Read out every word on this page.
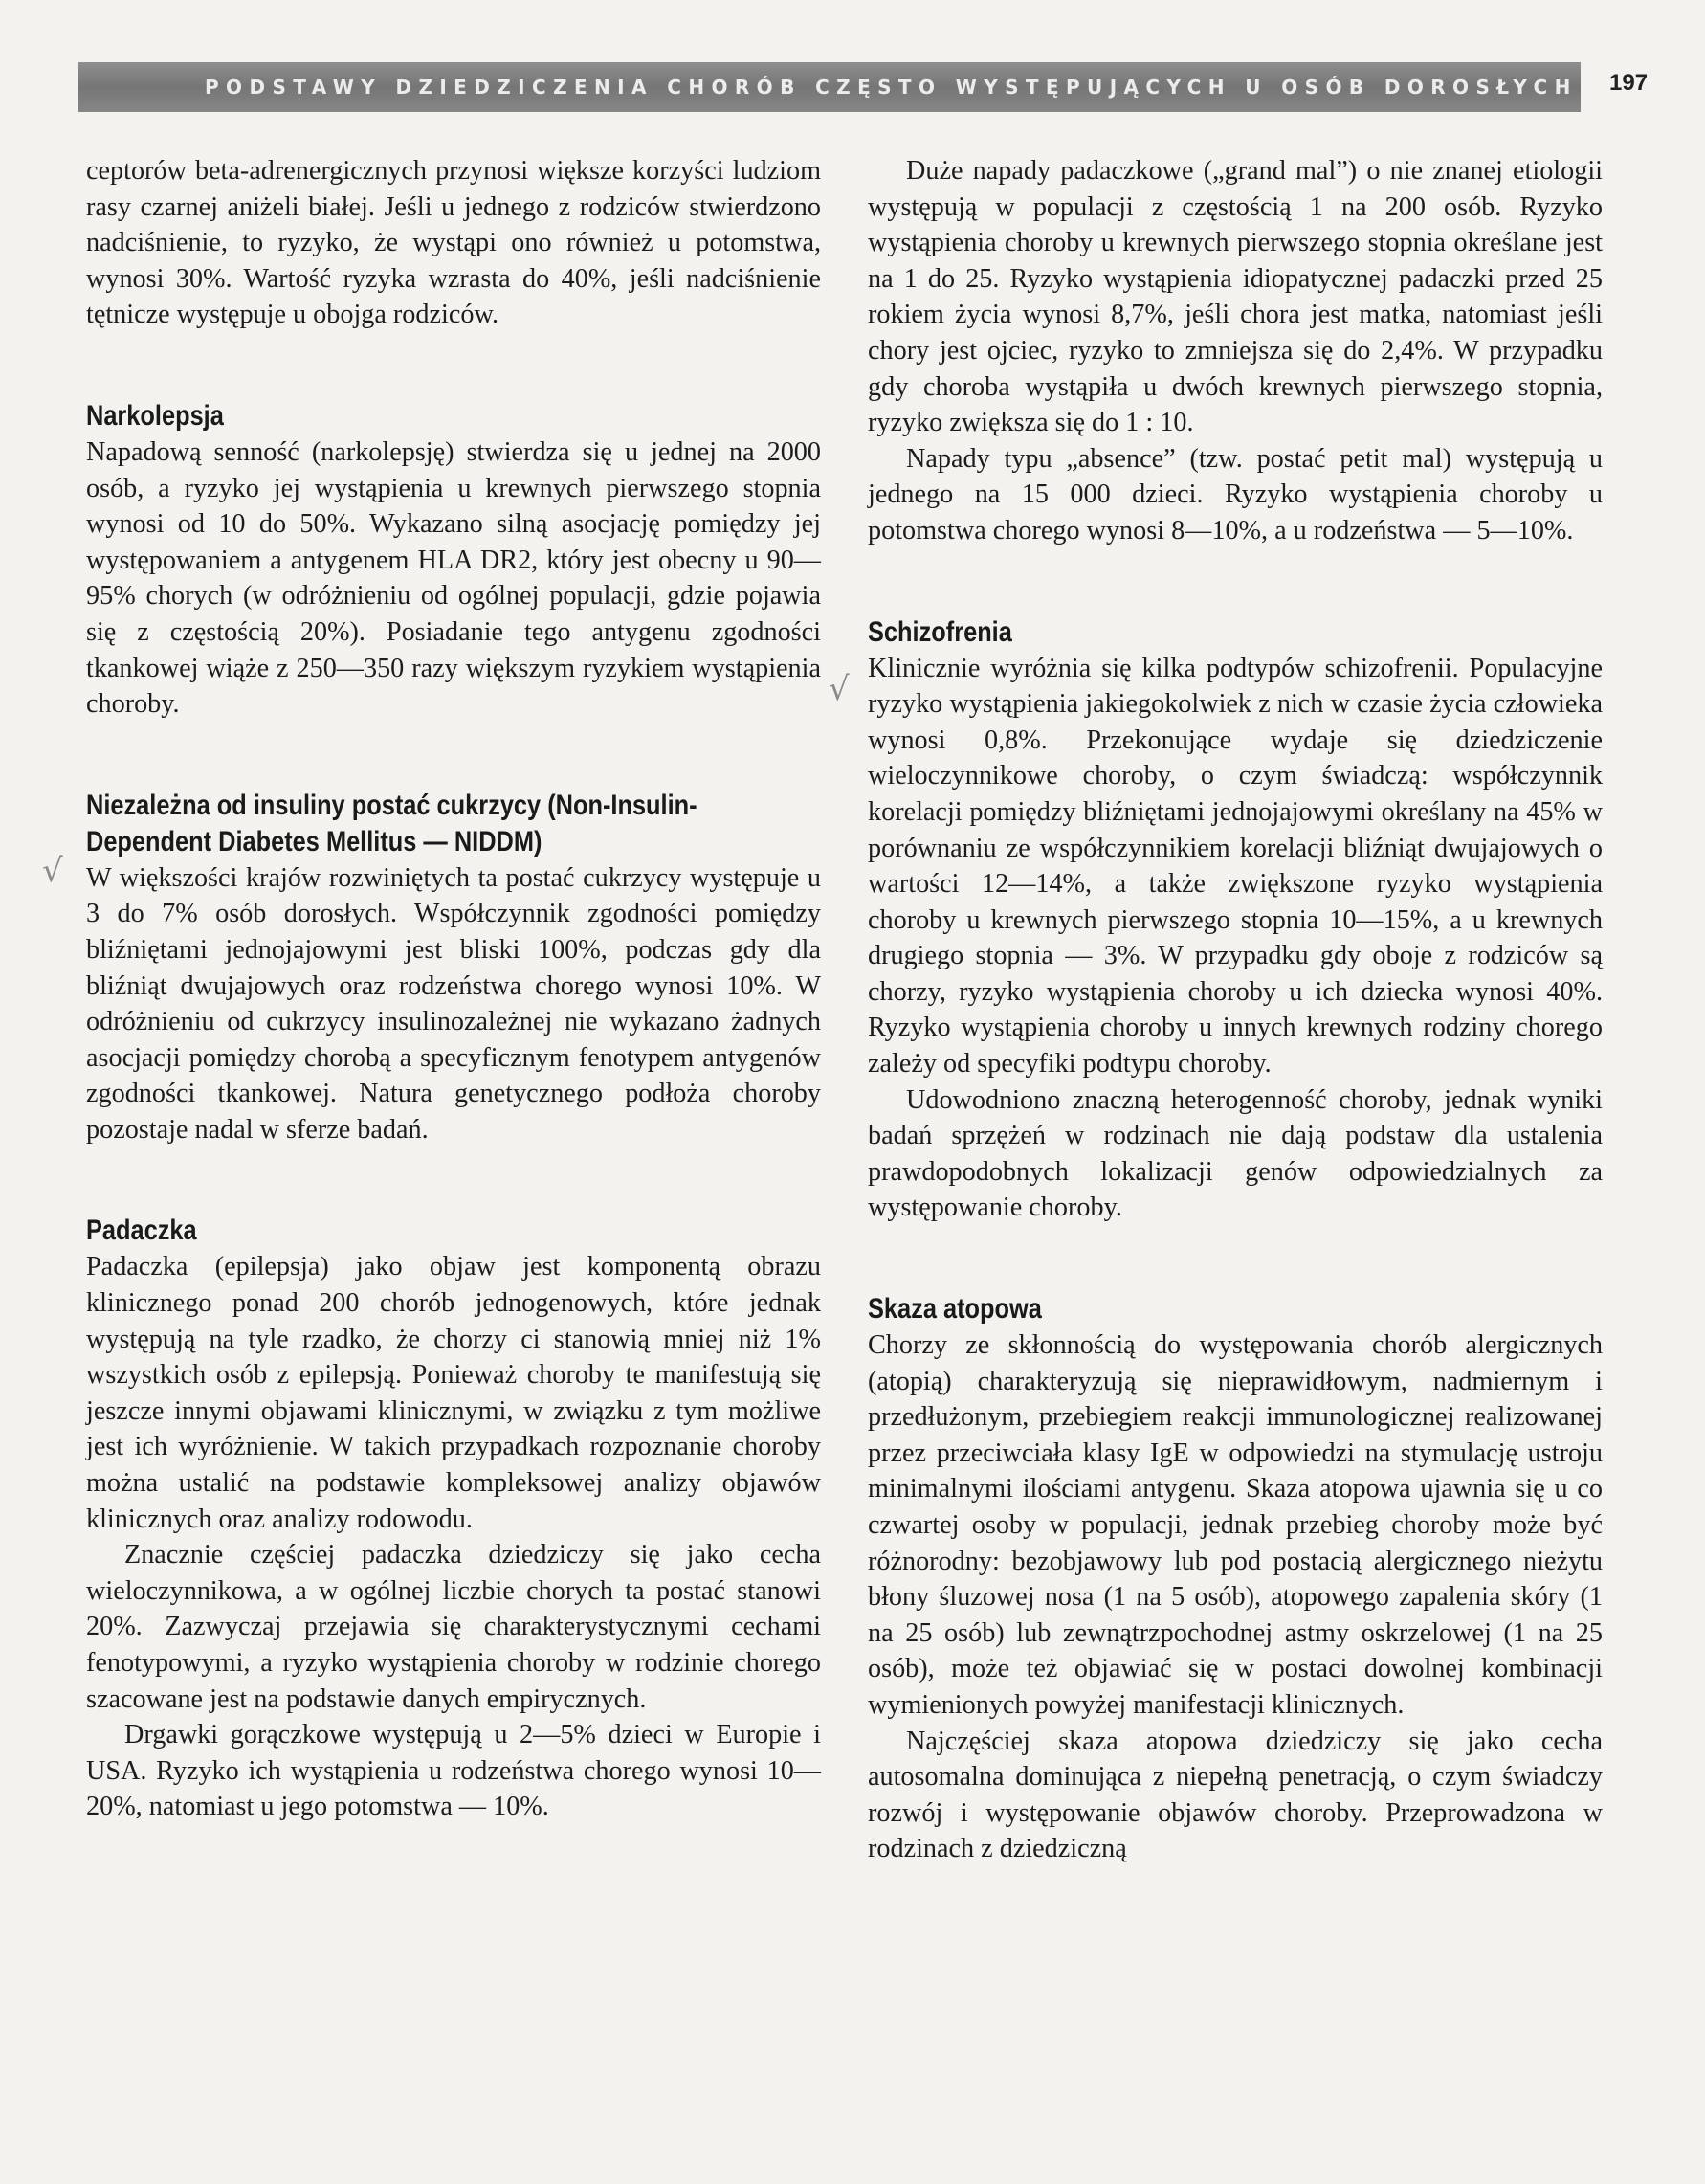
PODSTAWY DZIEDZICZENIA CHORÓB CZĘSTO WYSTĘPUJĄCYCH U OSÓB DOROSŁYCH 197

ceptorów beta-adrenergicznych przynosi większe korzyści ludziom rasy czarnej aniżeli białej. Jeśli u jednego z rodziców stwierdzono nadciśnienie, to ryzyko, że wystąpi ono również u potomstwa, wynosi 30%. Wartość ryzyka wzrasta do 40%, jeśli nadciśnienie tętnicze występuje u obojga rodziców.

Narkolepsja

Napadową senność (narkolepsję) stwierdza się u jednej na 2000 osób, a ryzyko jej wystąpienia u krewnych pierwszego stopnia wynosi od 10 do 50%. Wykazano silną asocjację pomiędzy jej występowaniem a antygenem HLA DR2, który jest obecny u 90—95% chorych (w odróżnieniu od ogólnej populacji, gdzie pojawia się z częstością 20%). Posiadanie tego antygenu zgodności tkankowej wiąże z 250—350 razy większym ryzykiem wystąpienia choroby.

Niezależna od insuliny postać cukrzycy (Non-Insulin-Dependent Diabetes Mellitus — NIDDM)

W większości krajów rozwiniętych ta postać cukrzycy występuje u 3 do 7% osób dorosłych. Współczynnik zgodności pomiędzy bliźniętami jednojajowymi jest bliski 100%, podczas gdy dla bliźniąt dwujajowych oraz rodzeństwa chorego wynosi 10%. W odróżnieniu od cukrzycy insulinozależnej nie wykazano żadnych asocjacji pomiędzy chorobą a specyficznym fenotypem antygenów zgodności tkankowej. Natura genetycznego podłoża choroby pozostaje nadal w sferze badań.

Padaczka

Padaczka (epilepsja) jako objaw jest komponentą obrazu klinicznego ponad 200 chorób jednogenowych, które jednak występują na tyle rzadko, że chorzy ci stanowią mniej niż 1% wszystkich osób z epilepsją. Ponieważ choroby te manifestują się jeszcze innymi objawami klinicznymi, w związku z tym możliwe jest ich wyróżnienie. W takich przypadkach rozpoznanie choroby można ustalić na podstawie kompleksowej analizy objawów klinicznych oraz analizy rodowodu.

Znacznie częściej padaczka dziedziczy się jako cecha wieloczynnikowa, a w ogólnej liczbie chorych ta postać stanowi 20%. Zazwyczaj przejawia się charakterystycznymi cechami fenotypowymi, a ryzyko wystąpienia choroby w rodzinie chorego szacowane jest na podstawie danych empirycznych.

Drgawki gorączkowe występują u 2—5% dzieci w Europie i USA. Ryzyko ich wystąpienia u rodzeństwa chorego wynosi 10—20%, natomiast u jego potomstwa — 10%.

Duże napady padaczkowe („grand mal”) o nie znanej etiologii występują w populacji z częstością 1 na 200 osób. Ryzyko wystąpienia choroby u krewnych pierwszego stopnia określane jest na 1 do 25. Ryzyko wystąpienia idiopatycznej padaczki przed 25 rokiem życia wynosi 8,7%, jeśli chora jest matka, natomiast jeśli chory jest ojciec, ryzyko to zmniejsza się do 2,4%. W przypadku gdy choroba wystąpiła u dwóch krewnych pierwszego stopnia, ryzyko zwiększa się do 1 : 10.

Napady typu „absence” (tzw. postać petit mal) występują u jednego na 15 000 dzieci. Ryzyko wystąpienia choroby u potomstwa chorego wynosi 8—10%, a u rodzeństwa — 5—10%.

Schizofrenia

Klinicznie wyróżnia się kilka podtypów schizofrenii. Populacyjne ryzyko wystąpienia jakiegokolwiek z nich w czasie życia człowieka wynosi 0,8%. Przekonujące wydaje się dziedziczenie wieloczynnikowe choroby, o czym świadczą: współczynnik korelacji pomiędzy bliźniętami jednojajowymi określany na 45% w porównaniu ze współczynnikiem korelacji bliźniąt dwujajowych o wartości 12—14%, a także zwiększone ryzyko wystąpienia choroby u krewnych pierwszego stopnia 10—15%, a u krewnych drugiego stopnia — 3%. W przypadku gdy oboje z rodziców są chorzy, ryzyko wystąpienia choroby u ich dziecka wynosi 40%. Ryzyko wystąpienia choroby u innych krewnych rodziny chorego zależy od specyfiki podtypu choroby.

Udowodniono znaczną heterogenność choroby, jednak wyniki badań sprzężeń w rodzinach nie dają podstaw dla ustalenia prawdopodobnych lokalizacji genów odpowiedzialnych za występowanie choroby.

Skaza atopowa

Chorzy ze skłonnością do występowania chorób alergicznych (atopią) charakteryzują się nieprawidłowym, nadmiernym i przedłużonym, przebiegiem reakcji immunologicznej realizowanej przez przeciwciała klasy IgE w odpowiedzi na stymulację ustroju minimalnymi ilościami antygenu. Skaza atopowa ujawnia się u co czwartej osoby w populacji, jednak przebieg choroby może być różnorodny: bezobjawowy lub pod postacią alergicznego nieżytu błony śluzowej nosa (1 na 5 osób), atopowego zapalenia skóry (1 na 25 osób) lub zewnątrzpochodnej astmy oskrzelowej (1 na 25 osób), może też objawiać się w postaci dowolnej kombinacji wymienionych powyżej manifestacji klinicznych.

Najczęściej skaza atopowa dziedziczy się jako cecha autosomalna dominująca z niepełną penetracją, o czym świadczy rozwój i występowanie objawów choroby. Przeprowadzona w rodzinach z dziedziczną

√
√
